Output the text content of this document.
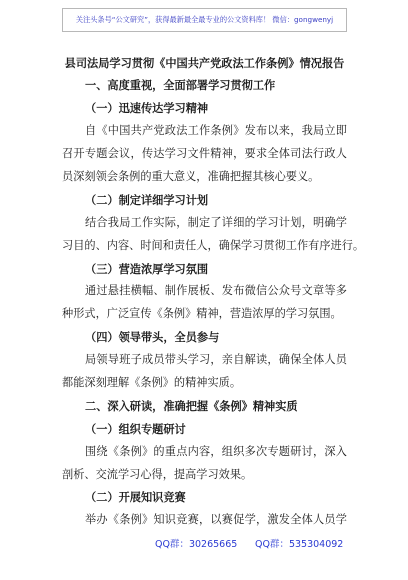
关注头条号“公文研究”，获得最新最全最专业的公文资料库！ 微信：gongwenyj
县司法局学习贯彻《中国共产党政法工作条例》情况报告
一、高度重视，全面部署学习贯彻工作
（一）迅速传达学习精神
自《中国共产党政法工作条例》发布以来，我局立即
召开专题会议，传达学习文件精神，要求全体司法行政人
员深刻领会条例的重大意义，准确把握其核心要义。
（二）制定详细学习计划
结合我局工作实际，制定了详细的学习计划，明确学
习目的、内容、时间和责任人，确保学习贯彻工作有序进行。
（三）营造浓厚学习氛围
通过悬挂横幅、制作展板、发布微信公众号文章等多
种形式，广泛宣传《条例》精神，营造浓厚的学习氛围。
（四）领导带头，全员参与
局领导班子成员带头学习，亲自解读，确保全体人员
都能深刻理解《条例》的精神实质。
二、深入研读，准确把握《条例》精神实质
（一）组织专题研讨
围绕《条例》的重点内容，组织多次专题研讨，深入
剖析、交流学习心得，提高学习效果。
（二）开展知识竞赛
举办《条例》知识竞赛，以赛促学，激发全体人员学
QQ群：30265665 QQ群：535304092
